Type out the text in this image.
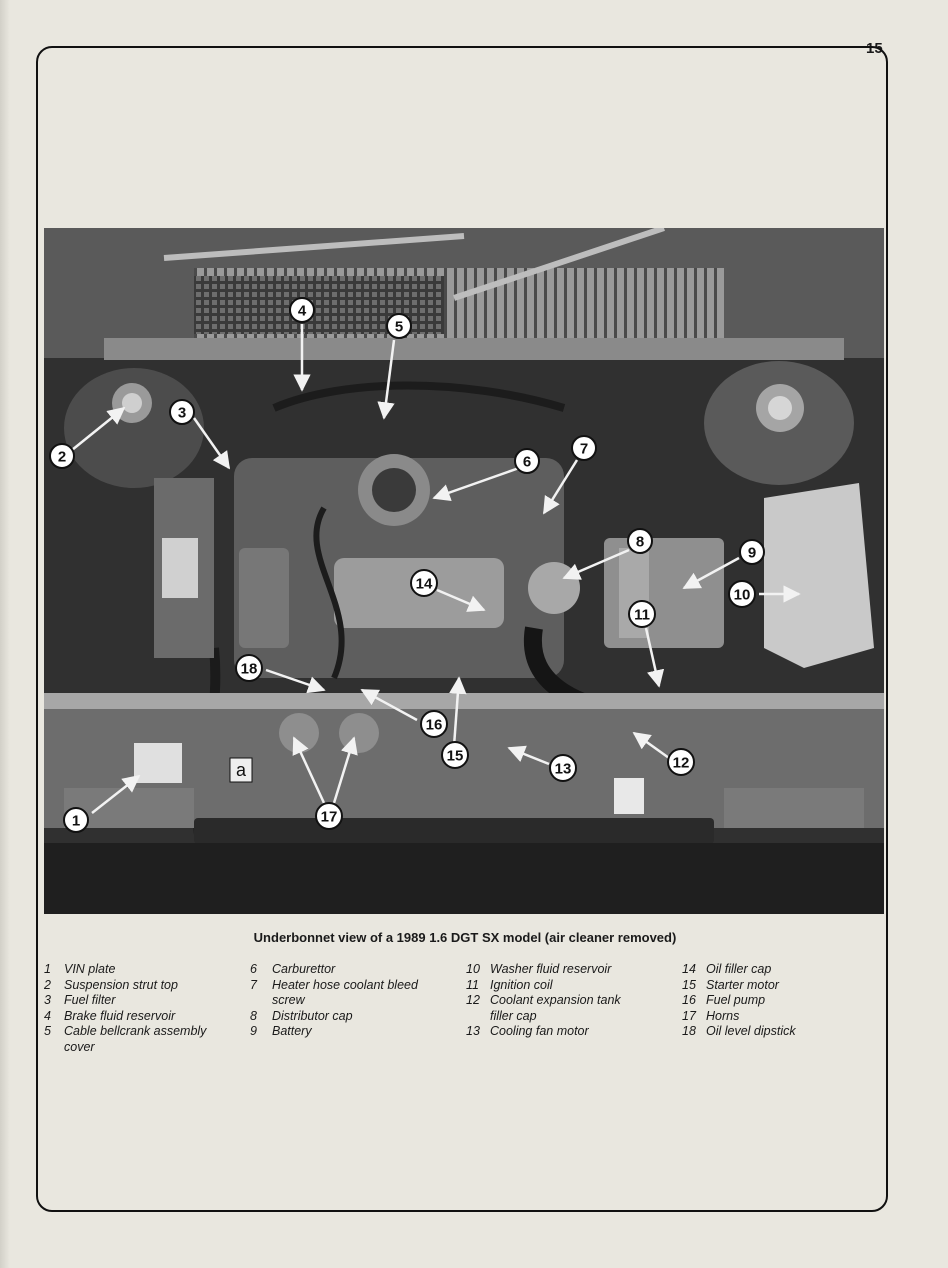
15
a
1
2
3
4
5
6
7
8
9
10
11
12
13
14
15
16
17
18
Underbonnet view of a 1989 1.6 DGT SX model (air cleaner removed)
1	VIN plate
2	Suspension strut top
3	Fuel filter
4	Brake fluid reservoir
5	Cable bellcrank assembly cover
6	Carburettor
7	Heater hose coolant bleed screw
8	Distributor cap
9	Battery
10 Washer fluid reservoir
11 Ignition coil
12 Coolant expansion tank filler cap
13 Cooling fan motor
14 Oil filler cap
15 Starter motor
16 Fuel pump
17 Horns
18 Oil level dipstick
